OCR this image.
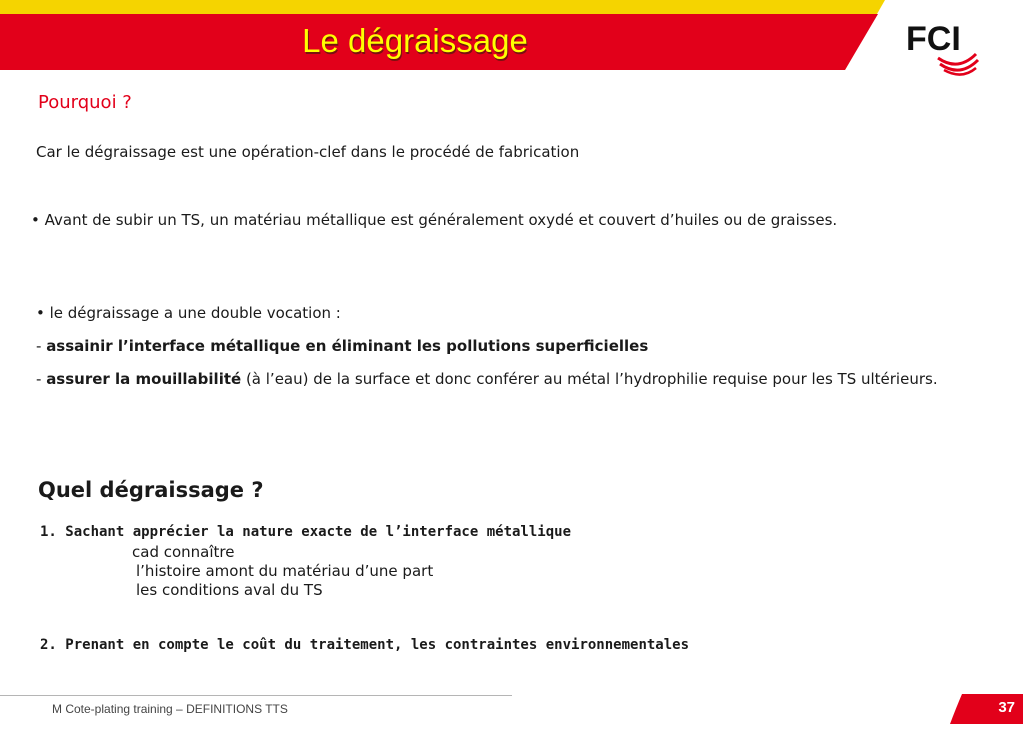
Le dégraissage	FCI
Pourquoi ?
Car le dégraissage est une opération-clef dans le procédé de fabrication
• Avant de subir un TS, un matériau métallique est généralement oxydé et couvert d’huiles ou de graisses.
• le dégraissage a une double vocation :
- assainir l’interface métallique en éliminant les pollutions superficielles
- assurer la mouillabilité (à l’eau) de la surface et donc conférer au métal l’hydrophilie requise pour les TS ultérieurs.
Quel dégraissage ?
1. Sachant apprécier la nature exacte de l’interface métallique
cad connaître
l’histoire amont du matériau d’une part
les conditions aval du TS
2. Prenant en compte le coût du traitement, les contraintes environnementales
M Cote-plating training – DEFINITIONS TTS	37
